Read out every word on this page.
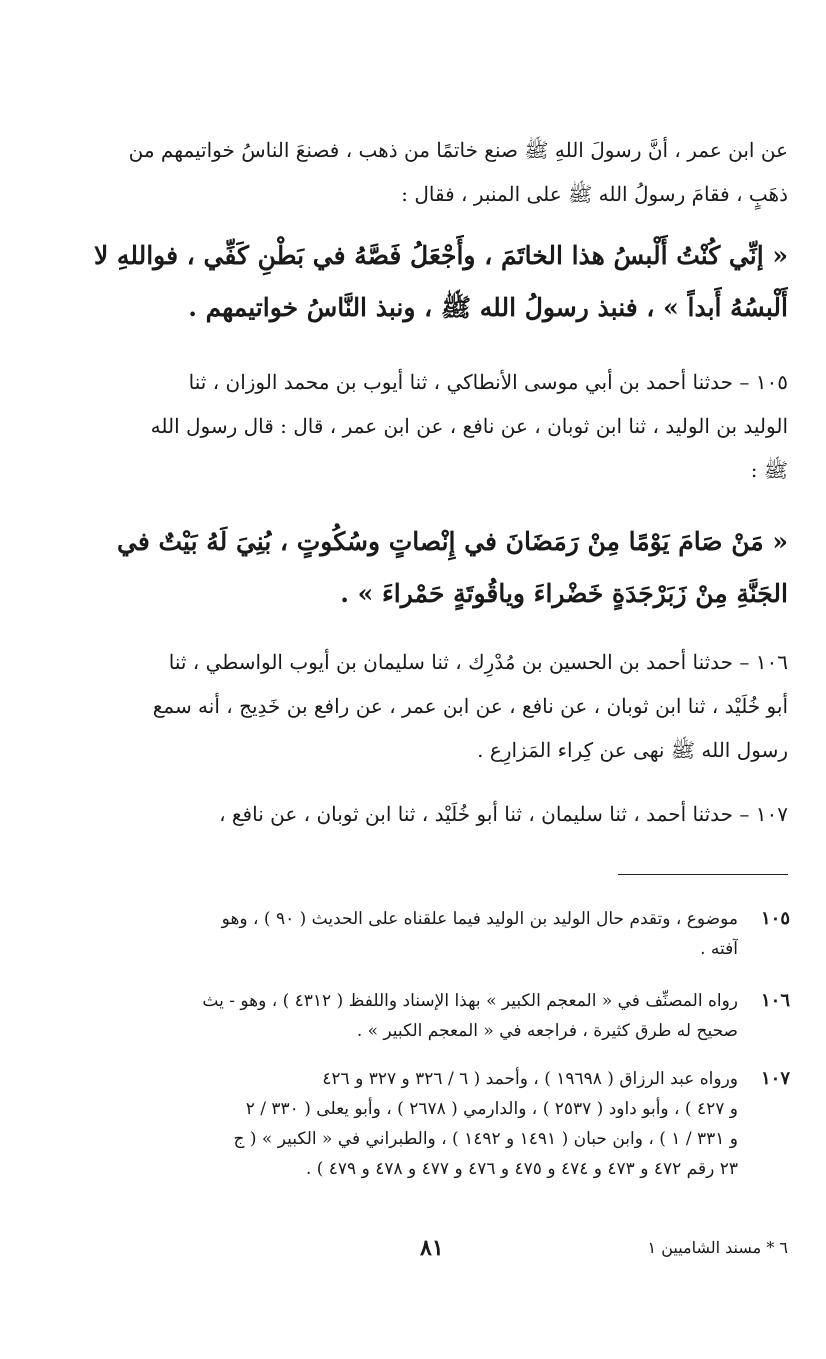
عن ابن عمر ، أنَّ رسولَ اللهِ ﷺ صنع خاتمًا من ذهب ، فصنعَ الناسُ خواتيمهم من
ذهَبٍ ، فقامَ رسولُ الله ﷺ على المنبر ، فقال :
« إنِّي كُنْتُ أَلْبسُ هذا الخاتَمَ ، وأَجْعَلُ فَصَّهُ في بَطْنِ كَفِّي ، فواللهِ لا
أَلْبسُهُ أَبداً » ، فنبذ رسولُ الله ﷺ ، ونبذ النَّاسُ خواتيمهم .
١٠٥ – حدثنا أحمد بن أبي موسى الأنطاكي ، ثنا أيوب بن محمد الوزان ، ثنا
الوليد بن الوليد ، ثنا ابن ثوبان ، عن نافع ، عن ابن عمر ، قال : قال رسول الله
ﷺ :
« مَنْ صَامَ يَوْمًا مِنْ رَمَضَانَ في إِنْصاتٍ وسُكُوتٍ ، بُنِيَ لَهُ بَيْتٌ في
الجَنَّةِ مِنْ زَبَرْجَدَةٍ خَضْراءَ وياقُوتَةٍ حَمْراءَ » .
١٠٦ – حدثنا أحمد بن الحسين بن مُدْرِك ، ثنا سليمان بن أيوب الواسطي ، ثنا
أبو خُلَيْد ، ثنا ابن ثوبان ، عن نافع ، عن ابن عمر ، عن رافع بن خَدِيج ، أنه سمع
رسول الله ﷺ نهى عن كِراء المَزارِع .
١٠٧ – حدثنا أحمد ، ثنا سليمان ، ثنا أبو خُلَيْد ، ثنا ابن ثوبان ، عن نافع ،
١٠٥
موضوع ، وتقدم حال الوليد بن الوليد فيما علقناه على الحديث ( ٩٠ ) ، وهو
آفته .
١٠٦
رواه المصنِّف في « المعجم الكبير » بهذا الإسناد واللفظ ( ٤٣١٢ ) ، وهو - يث
صحيح له طرق كثيرة ، فراجعه في « المعجم الكبير » .
١٠٧
ورواه عبد الرزاق ( ١٩٦٩٨ ) ، وأحمد ( ٦ / ٣٢٦ و ٣٢٧ و ٤٢٦
و ٤٢٧ ) ، وأبو داود ( ٢٥٣٧ ) ، والدارمي ( ٢٦٧٨ ) ، وأبو يعلى ( ٣٣٠ / ٢
و ٣٣١ / ١ ) ، وابن حبان ( ١٤٩١ و ١٤٩٢ ) ، والطبراني في « الكبير » ( ج
٢٣ رقم ٤٧٢ و ٤٧٣ و ٤٧٤ و ٤٧٥ و ٤٧٦ و ٤٧٧ و ٤٧٨ و ٤٧٩ ) .
٨١	٦ * مسند الشاميين ١
